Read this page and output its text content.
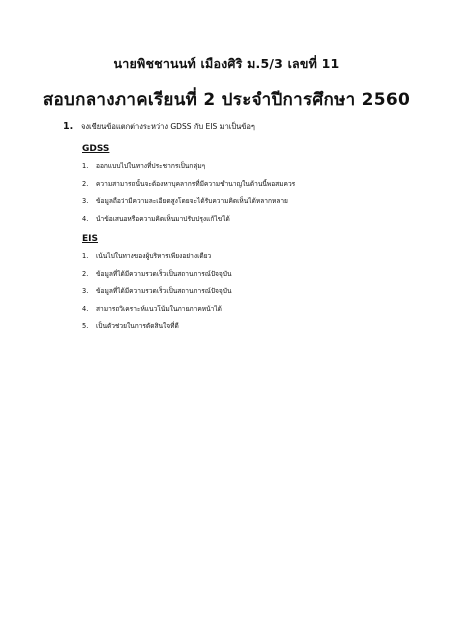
นายพิชชานนท์ เมืองศิริ ม.5/3 เลขที่ 11
สอบกลางภาคเรียนที่ 2 ประจำปีการศึกษา 2560
1.	จงเขียนข้อแตกต่างระหว่าง GDSS กับ EIS มาเป็นข้อๆ
GDSS
1.	ออกแบบไปในทางที่ประชากรเป็นกลุ่มๆ
2.	ความสามารถนั้นจะต้องหาบุคลากรที่มีความชำนาญในด้านนี้พอสมควร
3.	ข้อมูลถือว่ามีความละเอียดสูงโดยจะได้รับความคิดเห็นได้หลากหลาย
4.	นำข้อเสนอหรือความคิดเห็นมาปรับปรุงแก้ไขได้
EIS
1.	เน้นไปในทางของผู้บริหารเพียงอย่างเดียว
2.	ข้อมูลที่ได้มีความรวดเร็วเป็นสถานการณ์ปัจจุบัน
3.	ข้อมูลที่ได้มีความรวดเร็วเป็นสถานการณ์ปัจจุบัน
4.	สามารถวิเคราะห์แนวโน้มในภายภาคหน้าได้
5.	เป็นตัวช่วยในการตัดสินใจที่ดี
